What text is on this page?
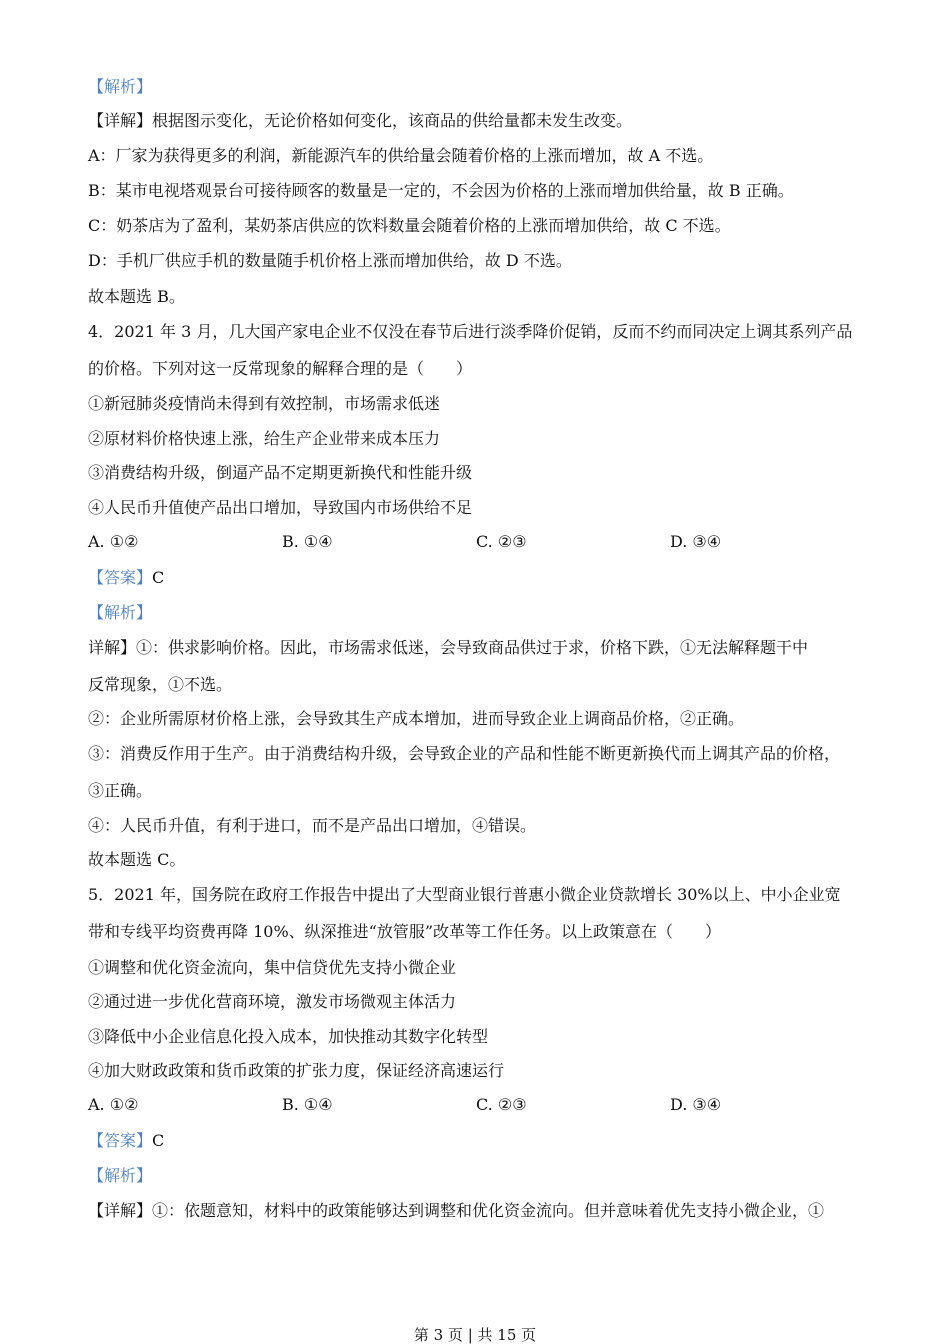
【解析】
【详解】根据图示变化，无论价格如何变化，该商品的供给量都未发生改变。
A：厂家为获得更多的利润，新能源汽车的供给量会随着价格的上涨而增加，故 A 不选。
B：某市电视塔观景台可接待顾客的数量是一定的，不会因为价格的上涨而增加供给量，故 B 正确。
C：奶茶店为了盈利，某奶茶店供应的饮料数量会随着价格的上涨而增加供给，故 C 不选。
D：手机厂供应手机的数量随手机价格上涨而增加供给，故 D 不选。
故本题选 B。
4．2021 年 3 月，几大国产家电企业不仅没在春节后进行淡季降价促销，反而不约而同决定上调其系列产品
的价格。下列对这一反常现象的解释合理的是（　　）
①新冠肺炎疫情尚未得到有效控制，市场需求低迷
②原材料价格快速上涨，给生产企业带来成本压力
③消费结构升级，倒逼产品不定期更新换代和性能升级
④人民币升值使产品出口增加，导致国内市场供给不足
A. ①②	B. ①④	C. ②③	D. ③④
【答案】C
【解析】
详解】①：供求影响价格。因此，市场需求低迷，会导致商品供过于求，价格下跌，①无法解释题干中
反常现象，①不选。
②：企业所需原材价格上涨，会导致其生产成本增加，进而导致企业上调商品价格，②正确。
③：消费反作用于生产。由于消费结构升级，会导致企业的产品和性能不断更新换代而上调其产品的价格，
③正确。
④：人民币升值，有利于进口，而不是产品出口增加，④错误。
故本题选 C。
5．2021 年，国务院在政府工作报告中提出了大型商业银行普惠小微企业贷款增长 30%以上、中小企业宽
带和专线平均资费再降 10%、纵深推进“放管服”改革等工作任务。以上政策意在（　　）
①调整和优化资金流向，集中信贷优先支持小微企业
②通过进一步优化营商环境，激发市场微观主体活力
③降低中小企业信息化投入成本，加快推动其数字化转型
④加大财政政策和货币政策的扩张力度，保证经济高速运行
A. ①②	B. ①④	C. ②③	D. ③④
【答案】C
【解析】
【详解】①：依题意知，材料中的政策能够达到调整和优化资金流向。但并意味着优先支持小微企业，①
第 3 页 | 共 15 页
